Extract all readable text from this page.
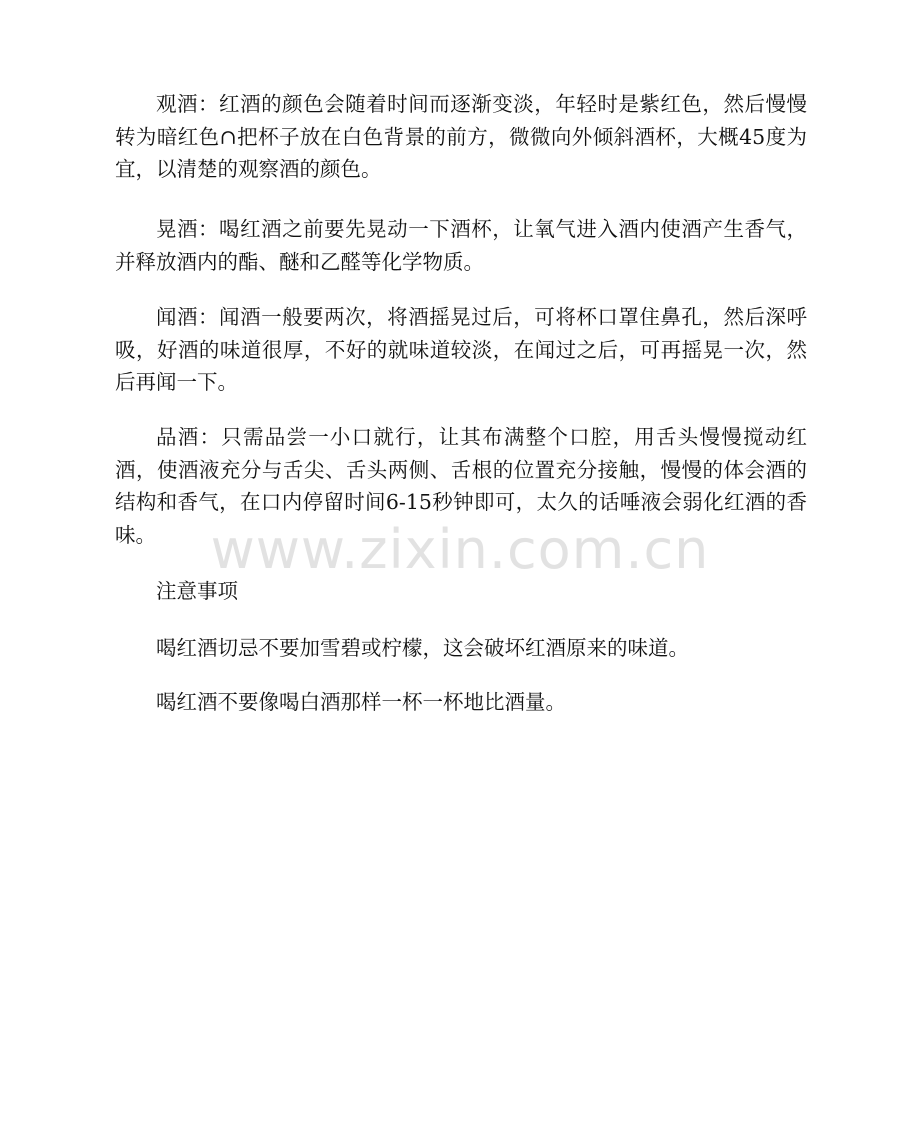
观酒：红酒的颜色会随着时间而逐渐变淡，年轻时是紫红色，然后慢慢转为暗红色∩把杯子放在白色背景的前方，微微向外倾斜酒杯，大概45度为宜，以清楚的观察酒的颜色。

晃酒：喝红酒之前要先晃动一下酒杯，让氧气进入酒内使酒产生香气，并释放酒内的酯、醚和乙醛等化学物质。

闻酒：闻酒一般要两次，将酒摇晃过后，可将杯口罩住鼻孔，然后深呼吸，好酒的味道很厚，不好的就味道较淡，在闻过之后，可再摇晃一次，然后再闻一下。

品酒：只需品尝一小口就行，让其布满整个口腔，用舌头慢慢搅动红酒，使酒液充分与舌尖、舌头两侧、舌根的位置充分接触，慢慢的体会酒的结构和香气，在口内停留时间6-15秒钟即可，太久的话唾液会弱化红酒的香味。

注意事项

喝红酒切忌不要加雪碧或柠檬，这会破坏红酒原来的味道。

喝红酒不要像喝白酒那样一杯一杯地比酒量。

www.zixin.com.cn
